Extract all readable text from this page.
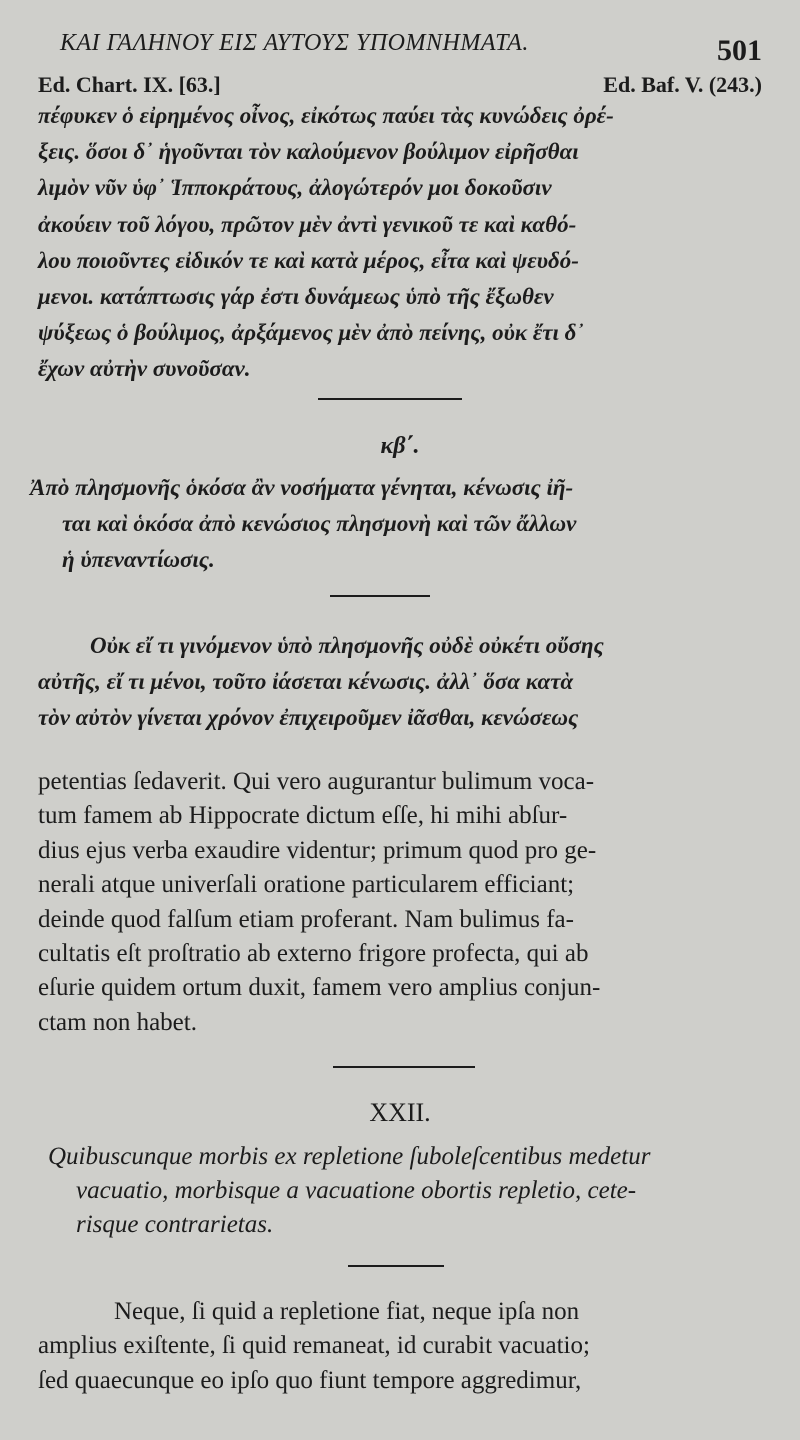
ΚΑΙ ΓΑΛΗΝΟΥ ΕΙΣ ΑΥΤΟΥΣ ΥΠΟΜΝΗΜΑΤΑ.	501
Ed. Chart. IX. [63.]	Ed. Baf. V. (243.)
πέφυκεν ὁ εἰρημένος οἶνος, εἰκότως παύει τὰς κυνώδεις ὀρέ-
ξεις. ὅσοι δ᾽ ἡγοῦνται τὸν καλούμενον βούλιμον εἰρῆσθαι
λιμὸν νῦν ὑφ᾽ Ἱπποκράτους, ἀλογώτερόν μοι δοκοῦσιν
ἀκούειν τοῦ λόγου, πρῶτον μὲν ἀντὶ γενικοῦ τε καὶ καθό-
λου ποιοῦντες εἰδικόν τε καὶ κατὰ μέρος, εἶτα καὶ ψευδό-
μενοι. κατάπτωσις γάρ ἐστι δυνάμεως ὑπὸ τῆς ἔξωθεν
ψύξεως ὁ βούλιμος, ἀρξάμενος μὲν ἀπὸ πείνης, οὐκ ἔτι δ᾽
ἔχων αὐτὴν συνοῦσαν.
κβ΄.
Ἀπὸ πλησμονῆς ὁκόσα ἂν νοσήματα γένηται, κένωσις ἰῆ-
ται καὶ ὁκόσα ἀπὸ κενώσιος πλησμονὴ καὶ τῶν ἄλλων
ἡ ὑπεναντίωσις.
Οὐκ εἴ τι γινόμενον ὑπὸ πλησμονῆς οὐδὲ οὐκέτι οὔσης
αὐτῆς, εἴ τι μένοι, τοῦτο ἰάσεται κένωσις. ἀλλ᾽ ὅσα κατὰ
τὸν αὐτὸν γίνεται χρόνον ἐπιχειροῦμεν ἰᾶσθαι, κενώσεως
petentias ſedaverit. Qui vero augurantur bulimum voca-
tum famem ab Hippocrate dictum eſſe, hi mihi abſur-
dius ejus verba exaudire videntur; primum quod pro ge-
nerali atque univerſali oratione particularem efficiant;
deinde quod falſum etiam proferant. Nam bulimus fa-
cultatis eſt proſtratio ab externo frigore profecta, qui ab
eſurie quidem ortum duxit, famem vero amplius conjun-
ctam non habet.
XXII.
Quibuscunque morbis ex repletione ſuboleſcentibus medetur
vacuatio, morbisque a vacuatione obortis repletio, cete-
risque contrarietas.
Neque, ſi quid a repletione fiat, neque ipſa non
amplius exiſtente, ſi quid remaneat, id curabit vacuatio;
ſed quaecunque eo ipſo quo fiunt tempore aggredimur,
